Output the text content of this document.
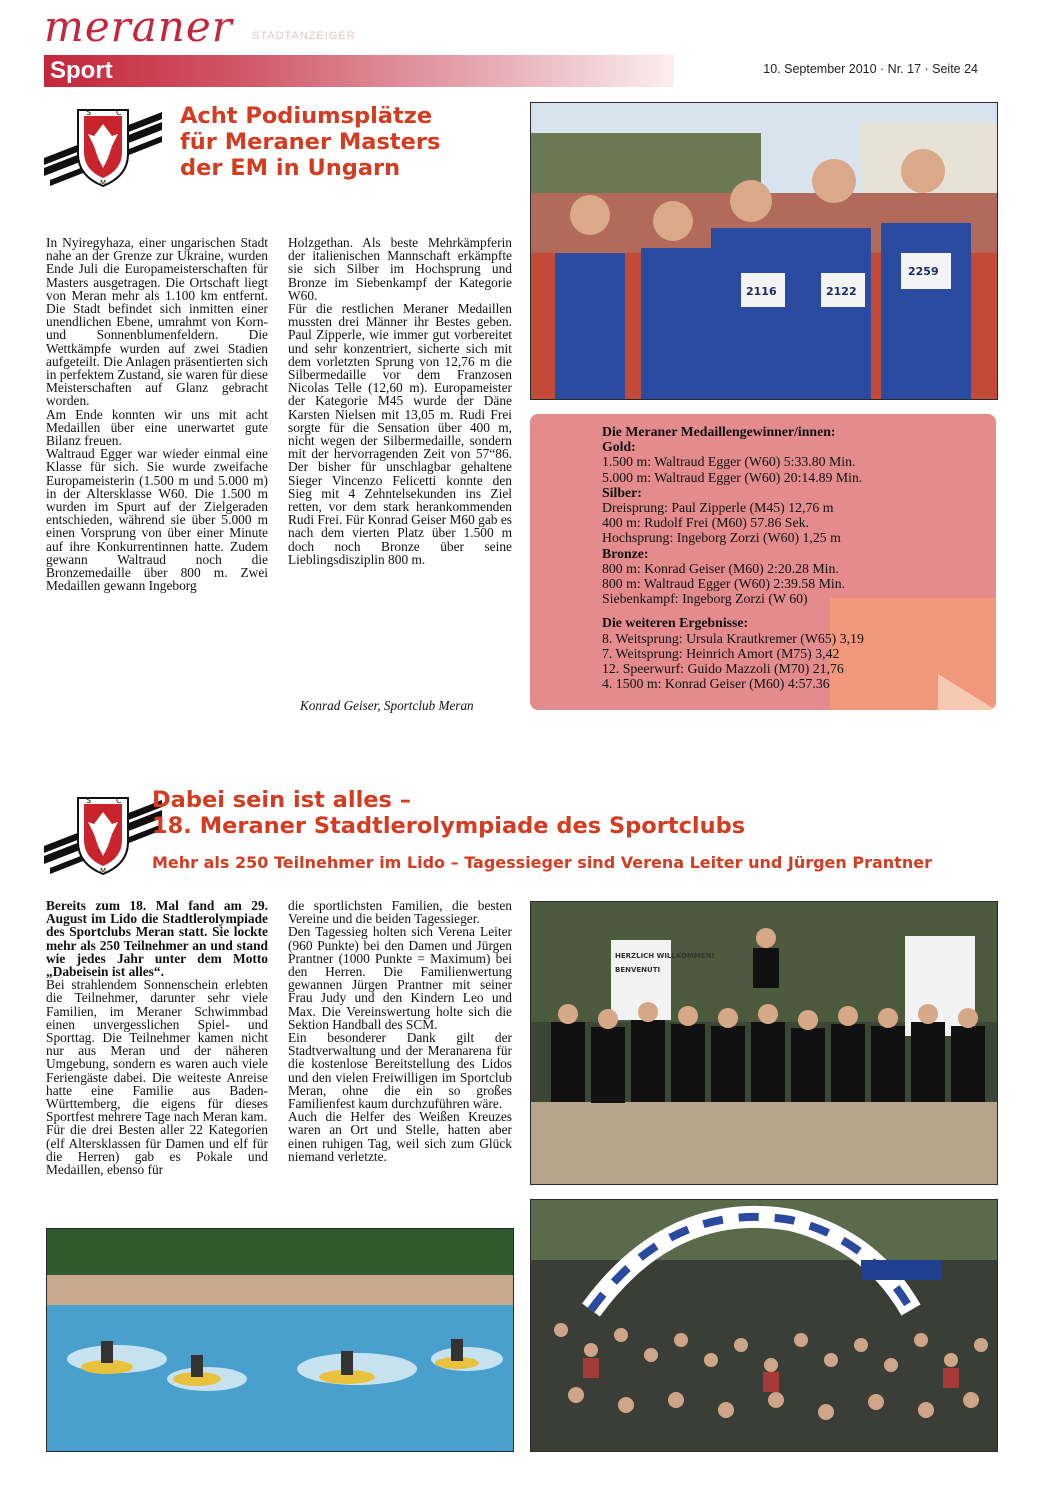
meraner STADTANZEIGER
Sport	10. September 2010 · Nr. 17 · Seite 24
S	C
M
Acht Podiumsplätze
für Meraner Masters
der EM in Ungarn

In Nyiregyhaza, einer ungarischen Stadt nahe an der Grenze zur Ukraine, wurden Ende Juli die Europameisterschaften für Masters ausgetragen. Die Ortschaft liegt von Meran mehr als 1.100 km entfernt. Die Stadt befindet sich inmitten einer unendlichen Ebene, umrahmt von Korn- und Sonnenblumenfeldern. Die Wettkämpfe wurden auf zwei Stadien aufgeteilt. Die Anlagen präsentierten sich in perfektem Zustand, sie waren für diese Meisterschaften auf Glanz gebracht worden.

Am Ende konnten wir uns mit acht Medaillen über eine unerwartet gute Bilanz freuen.

Waltraud Egger war wieder einmal eine Klasse für sich. Sie wurde zweifache Europameisterin (1.500 m und 5.000 m) in der Altersklasse W60. Die 1.500 m wurden im Spurt auf der Zielgeraden entschieden, während sie über 5.000 m einen Vorsprung von über einer Minute auf ihre Konkurrentinnen hatte. Zudem gewann Waltraud noch die Bronzemedaille über 800 m. Zwei Medaillen gewann Ingeborg

Holzgethan. Als beste Mehrkämpferin der italienischen Mannschaft erkämpfte sie sich Silber im Hochsprung und Bronze im Siebenkampf der Kategorie W60.

Für die restlichen Meraner Medaillen mussten drei Männer ihr Bestes geben. Paul Zipperle, wie immer gut vorbereitet und sehr konzentriert, sicherte sich mit dem vorletzten Sprung von 12,76 m die Silbermedaille vor dem Franzosen Nicolas Telle (12,60 m). Europameister der Kategorie M45 wurde der Däne Karsten Nielsen mit 13,05 m. Rudi Frei sorgte für die Sensation über 400 m, nicht wegen der Silbermedaille, sondern mit der hervorragenden Zeit von 57“86. Der bisher für unschlagbar gehaltene Sieger Vincenzo Felicetti konnte den Sieg mit 4 Zehntelsekunden ins Ziel retten, vor dem stark herankommenden Rudi Frei. Für Konrad Geiser M60 gab es nach dem vierten Platz über 1.500 m doch noch Bronze über seine Lieblingsdisziplin 800 m.

Konrad Geiser, Sportclub Meran
2116	2122
2259
Die Meraner Medaillengewinner/innen:
Gold:
1.500 m: Waltraud Egger (W60) 5:33.80 Min.
5.000 m: Waltraud Egger (W60) 20:14.89 Min.
Silber:
Dreisprung: Paul Zipperle (M45) 12,76 m
400 m: Rudolf Frei (M60) 57.86 Sek.
Hochsprung: Ingeborg Zorzi (W60) 1,25 m
Bronze:
800 m: Konrad Geiser (M60) 2:20.28 Min.
800 m: Waltraud Egger (W60) 2:39.58 Min.
Siebenkampf: Ingeborg Zorzi (W 60)
Die weiteren Ergebnisse:
8. Weitsprung: Ursula Krautkremer (W65) 3,19
7. Weitsprung: Heinrich Amort (M75) 3,42
12. Speerwurf: Guido Mazzoli (M70) 21,76
4. 1500 m: Konrad Geiser (M60) 4:57.36
S	C
M
Dabei sein ist alles –
18. Meraner Stadtlerolympiade des Sportclubs
Mehr als 250 Teilnehmer im Lido – Tagessieger sind Verena Leiter und Jürgen Prantner

Bereits zum 18. Mal fand am 29. August im Lido die Stadtlerolympiade des Sportclubs Meran statt. Sie lockte mehr als 250 Teilnehmer an und stand wie jedes Jahr unter dem Motto „Dabeisein ist alles“.

Bei strahlendem Sonnenschein erlebten die Teilnehmer, darunter sehr viele Familien, im Meraner Schwimmbad einen unvergesslichen Spiel- und Sporttag. Die Teilnehmer kamen nicht nur aus Meran und der näheren Umgebung, sondern es waren auch viele Feriengäste dabei. Die weiteste Anreise hatte eine Familie aus Baden-Württemberg, die eigens für dieses Sportfest mehrere Tage nach Meran kam.

Für die drei Besten aller 22 Kategorien (elf Altersklassen für Damen und elf für die Herren) gab es Pokale und Medaillen, ebenso für

die sportlichsten Familien, die besten Vereine und die beiden Tagessieger.

Den Tagessieg holten sich Verena Leiter (960 Punkte) bei den Damen und Jürgen Prantner (1000 Punkte = Maximum) bei den Herren. Die Familienwertung gewannen Jürgen Prantner mit seiner Frau Judy und den Kindern Leo und Max. Die Vereinswertung holte sich die Sektion Handball des SCM.

Ein besonderer Dank gilt der Stadtverwaltung und der Meranarena für die kostenlose Bereitstellung des Lidos und den vielen Freiwilligen im Sportclub Meran, ohne die ein so großes Familienfest kaum durchzuführen wäre.

Auch die Helfer des Weißen Kreuzes waren an Ort und Stelle, hatten aber einen ruhigen Tag, weil sich zum Glück niemand verletzte.

HERZLICH WILLKOMMEN!
BENVENUTI
